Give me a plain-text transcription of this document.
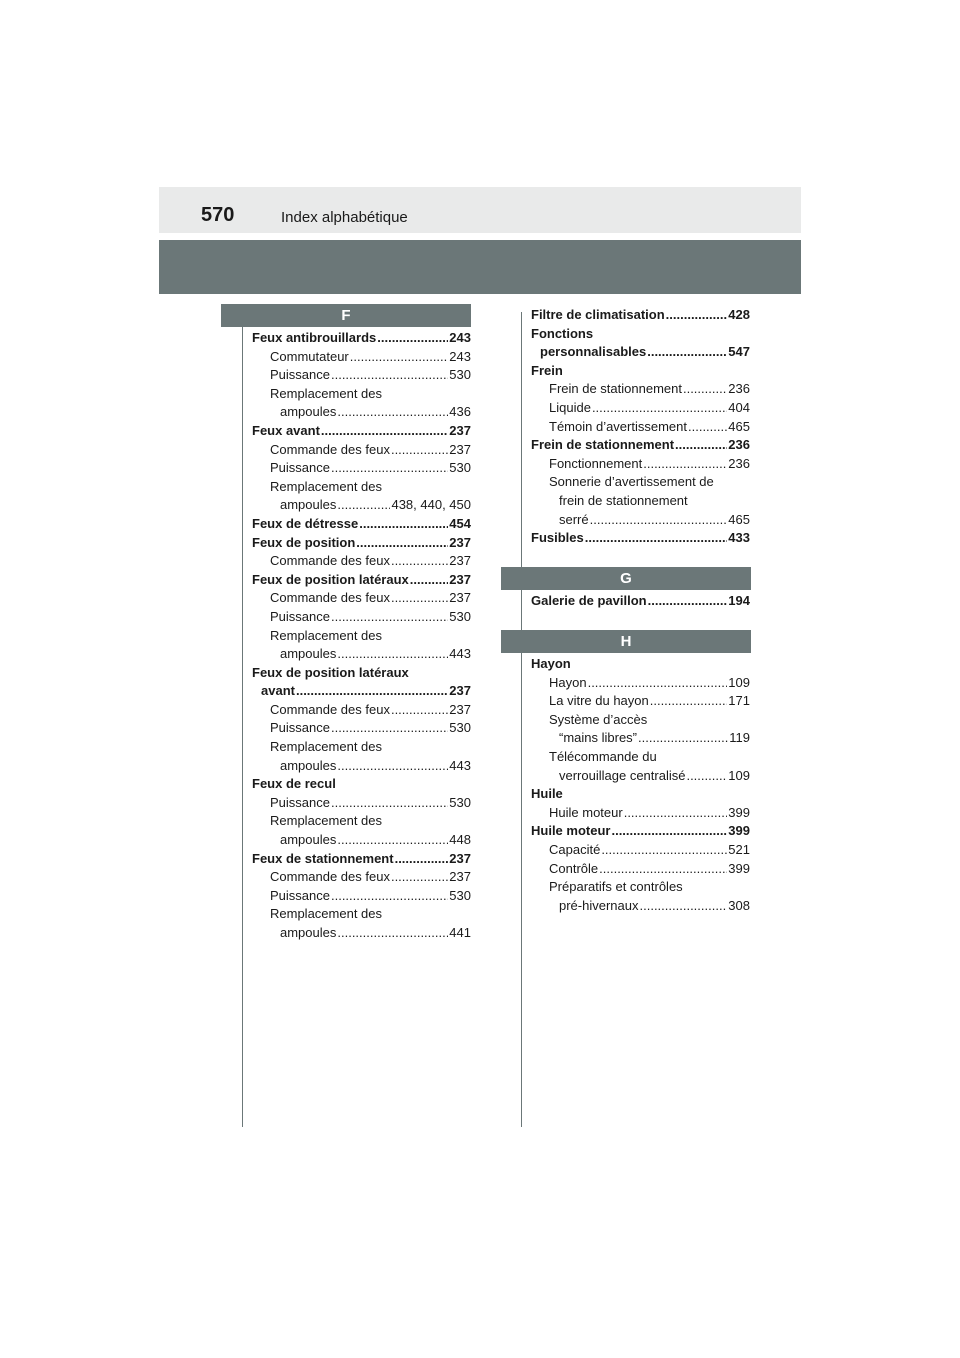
570	Index alphabétique
F
Feux antibrouillards .....	243
Commutateur .....	243
Puissance .....	530
Remplacement des
ampoules .....	436
Feux avant .....	237
Commande des feux .....	237
Puissance .....	530
Remplacement des
ampoules .....	438, 440, 450
Feux de détresse .....	454
Feux de position .....	237
Commande des feux .....	237
Feux de position latéraux .....	237
Commande des feux .....	237
Puissance .....	530
Remplacement des
ampoules .....	443
Feux de position latéraux
avant .....	237
Commande des feux .....	237
Puissance .....	530
Remplacement des
ampoules .....	443
Feux de recul
Puissance .....	530
Remplacement des
ampoules .....	448
Feux de stationnement .....	237
Commande des feux .....	237
Puissance .....	530
Remplacement des
ampoules .....	441
Filtre de climatisation .....	428
Fonctions
personnalisables .....	547
Frein
Frein de stationnement .....	236
Liquide .....	404
Témoin d’avertissement .....	465
Frein de stationnement .....	236
Fonctionnement .....	236
Sonnerie d’avertissement de
frein de stationnement
serré .....	465
Fusibles .....	433
G
Galerie de pavillon .....	194
H
Hayon
Hayon .....	109
La vitre du hayon .....	171
Système d’accès
“mains libres” .....	119
Télécommande du
verrouillage centralisé .....	109
Huile
Huile moteur .....	399
Huile moteur .....	399
Capacité .....	521
Contrôle .....	399
Préparatifs et contrôles
pré-hivernaux .....	308
